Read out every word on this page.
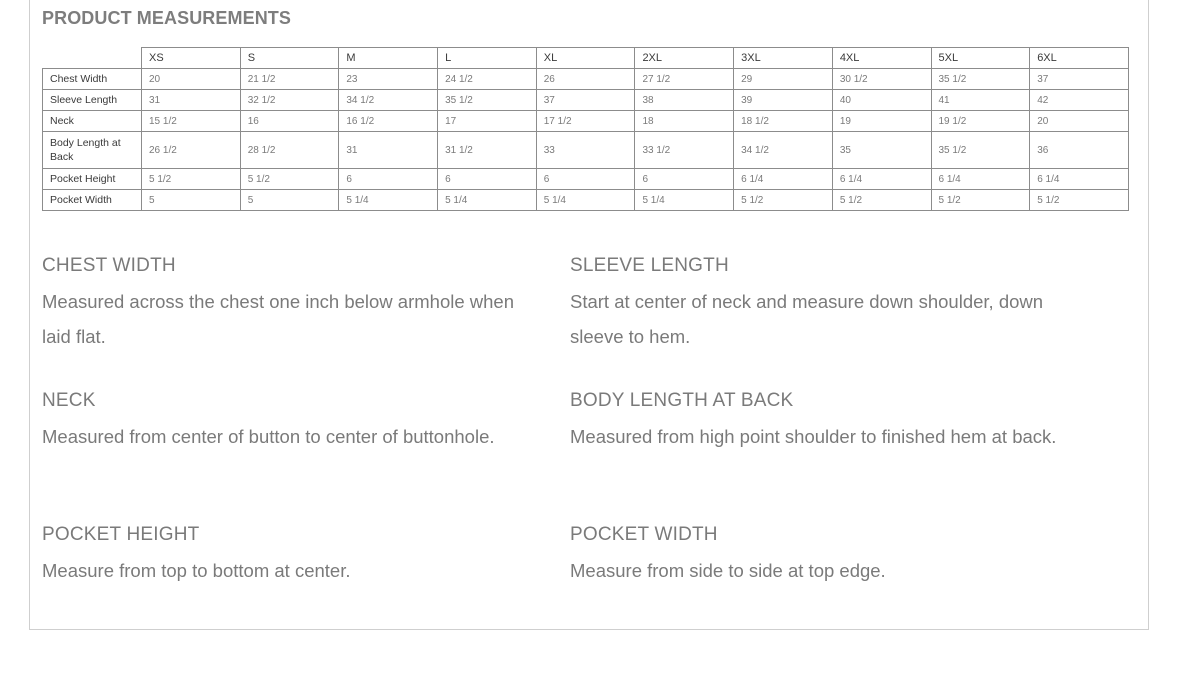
PRODUCT MEASUREMENTS
	XS	S	M	L	XL	2XL	3XL	4XL	5XL	6XL
Chest Width	20	21 1/2	23	24 1/2	26	27 1/2	29	30 1/2	35 1/2	37
Sleeve Length	31	32 1/2	34 1/2	35 1/2	37	38	39	40	41	42
Neck	15 1/2	16	16 1/2	17	17 1/2	18	18 1/2	19	19 1/2	20
Body Length at Back	26 1/2	28 1/2	31	31 1/2	33	33 1/2	34 1/2	35	35 1/2	36
Pocket Height	5 1/2	5 1/2	6	6	6	6	6 1/4	6 1/4	6 1/4	6 1/4
Pocket Width	5	5	5 1/4	5 1/4	5 1/4	5 1/4	5 1/2	5 1/2	5 1/2	5 1/2
CHEST WIDTH

Measured across the chest one inch below armhole when laid flat.

SLEEVE LENGTH

Start at center of neck and measure down shoulder, down sleeve to hem.

NECK

Measured from center of button to center of buttonhole.

BODY LENGTH AT BACK

Measured from high point shoulder to finished hem at back.

POCKET HEIGHT

Measure from top to bottom at center.

POCKET WIDTH

Measure from side to side at top edge.
